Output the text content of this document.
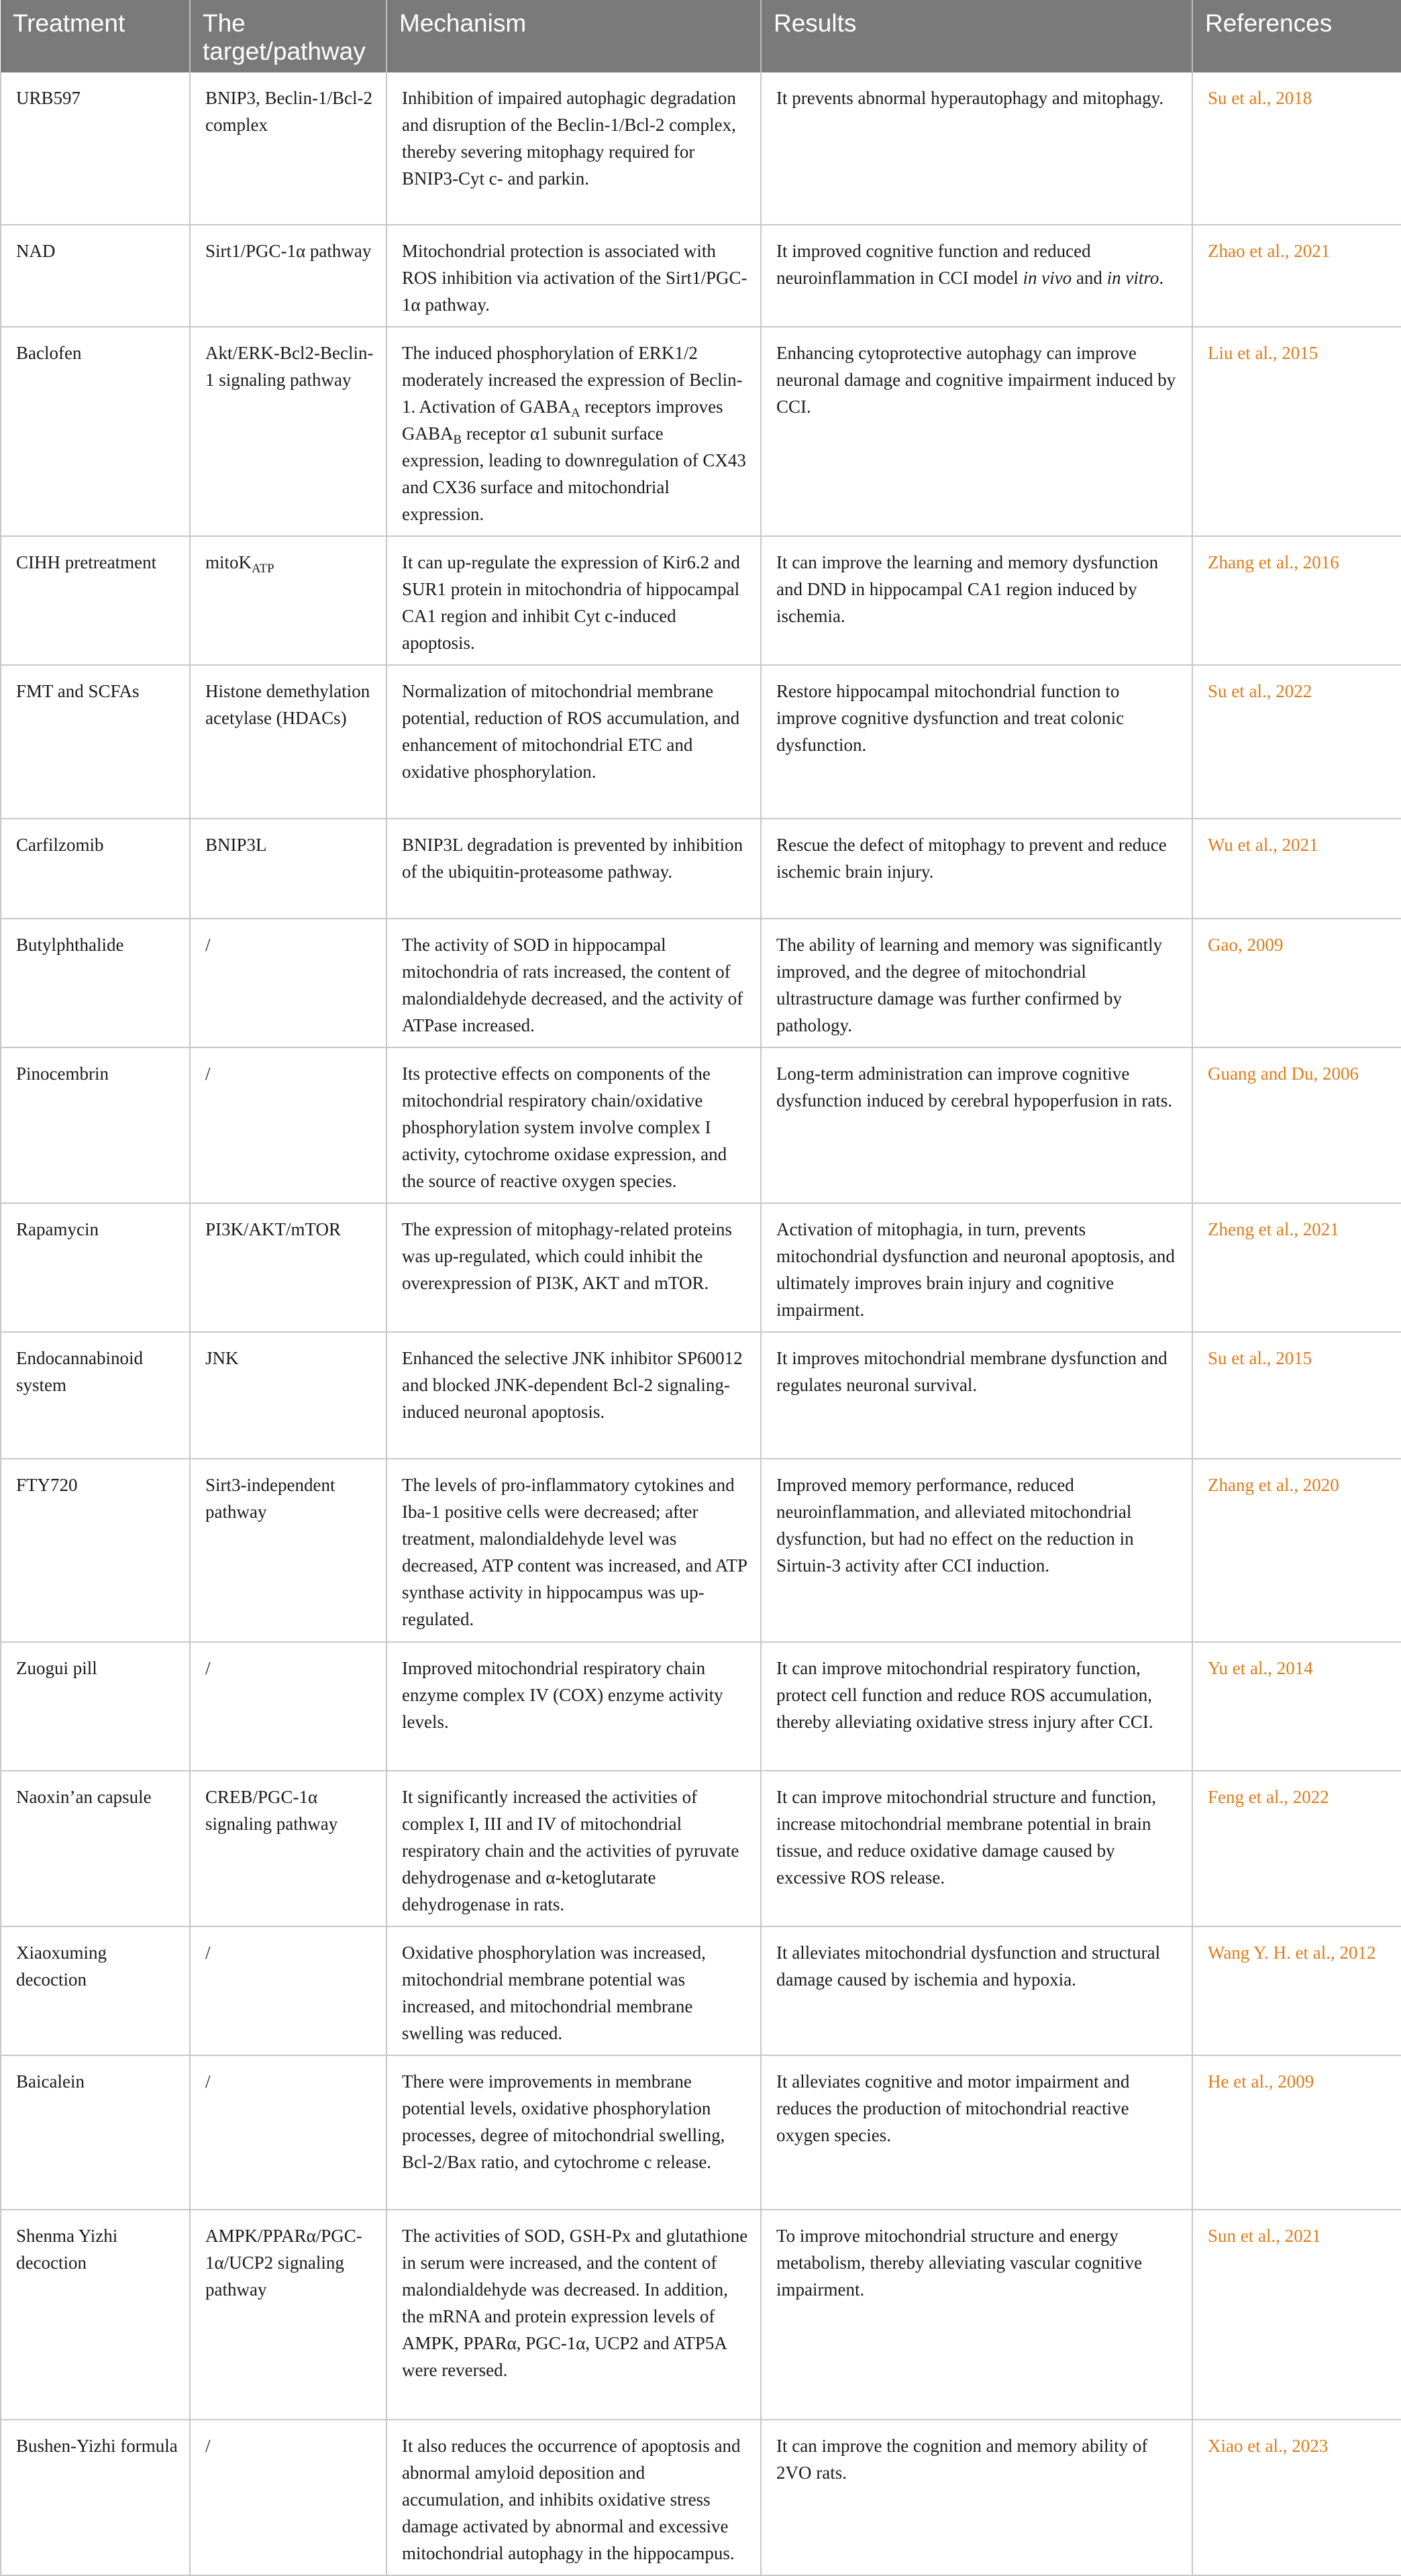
Treatment	The target/pathway	Mechanism	Results	References
URB597	BNIP3, Beclin-1/Bcl-2 complex	Inhibition of impaired autophagic degradation and disruption of the Beclin-1/Bcl-2 complex, thereby severing mitophagy required for BNIP3-Cyt c- and parkin.	It prevents abnormal hyperautophagy and mitophagy.	Su et al., 2018
NAD	Sirt1/PGC-1α pathway	Mitochondrial protection is associated with ROS inhibition via activation of the Sirt1/PGC-1α pathway.	It improved cognitive function and reduced neuroinflammation in CCI model in vivo and in vitro.	Zhao et al., 2021
Baclofen	Akt/ERK-Bcl2-Beclin-1 signaling pathway	The induced phosphorylation of ERK1/2 moderately increased the expression of Beclin-1. Activation of $GABA_A$ receptors improves $GABA_B$ receptor α1 subunit surface expression, leading to downregulation of CX43 and CX36 surface and mitochondrial expression.	Enhancing cytoprotective autophagy can improve neuronal damage and cognitive impairment induced by CCI.	Liu et al., 2015
CIHH pretreatment	mitoK$_{ATP}$	It can up-regulate the expression of Kir6.2 and SUR1 protein in mitochondria of hippocampal CA1 region and inhibit Cyt c-induced apoptosis.	It can improve the learning and memory dysfunction and DND in hippocampal CA1 region induced by ischemia.	Zhang et al., 2016
FMT and SCFAs	Histone demethylation acetylase (HDACs)	Normalization of mitochondrial membrane potential, reduction of ROS accumulation, and enhancement of mitochondrial ETC and oxidative phosphorylation.	Restore hippocampal mitochondrial function to improve cognitive dysfunction and treat colonic dysfunction.	Su et al., 2022
Carfilzomib	BNIP3L	BNIP3L degradation is prevented by inhibition of the ubiquitin-proteasome pathway.	Rescue the defect of mitophagy to prevent and reduce ischemic brain injury.	Wu et al., 2021
Butylphthalide	/	The activity of SOD in hippocampal mitochondria of rats increased, the content of malondialdehyde decreased, and the activity of ATPase increased.	The ability of learning and memory was significantly improved, and the degree of mitochondrial ultrastructure damage was further confirmed by pathology.	Gao, 2009
Pinocembrin	/	Its protective effects on components of the mitochondrial respiratory chain/oxidative phosphorylation system involve complex I activity, cytochrome oxidase expression, and the source of reactive oxygen species.	Long-term administration can improve cognitive dysfunction induced by cerebral hypoperfusion in rats.	Guang and Du, 2006
Rapamycin	PI3K/AKT/mTOR	The expression of mitophagy-related proteins was up-regulated, which could inhibit the overexpression of PI3K, AKT and mTOR.	Activation of mitophagia, in turn, prevents mitochondrial dysfunction and neuronal apoptosis, and ultimately improves brain injury and cognitive impairment.	Zheng et al., 2021
Endocannabinoid system	JNK	Enhanced the selective JNK inhibitor SP60012 and blocked JNK-dependent Bcl-2 signaling-induced neuronal apoptosis.	It improves mitochondrial membrane dysfunction and regulates neuronal survival.	Su et al., 2015
FTY720	Sirt3-independent pathway	The levels of pro-inflammatory cytokines and Iba-1 positive cells were decreased; after treatment, malondialdehyde level was decreased, ATP content was increased, and ATP synthase activity in hippocampus was up-regulated.	Improved memory performance, reduced neuroinflammation, and alleviated mitochondrial dysfunction, but had no effect on the reduction in Sirtuin-3 activity after CCI induction.	Zhang et al., 2020
Zuogui pill	/	Improved mitochondrial respiratory chain enzyme complex IV (COX) enzyme activity levels.	It can improve mitochondrial respiratory function, protect cell function and reduce ROS accumulation, thereby alleviating oxidative stress injury after CCI.	Yu et al., 2014
Naoxin’an capsule	CREB/PGC-1α signaling pathway	It significantly increased the activities of complex I, III and IV of mitochondrial respiratory chain and the activities of pyruvate dehydrogenase and α-ketoglutarate dehydrogenase in rats.	It can improve mitochondrial structure and function, increase mitochondrial membrane potential in brain tissue, and reduce oxidative damage caused by excessive ROS release.	Feng et al., 2022
Xiaoxuming decoction	/	Oxidative phosphorylation was increased, mitochondrial membrane potential was increased, and mitochondrial membrane swelling was reduced.	It alleviates mitochondrial dysfunction and structural damage caused by ischemia and hypoxia.	Wang Y. H. et al., 2012
Baicalein	/	There were improvements in membrane potential levels, oxidative phosphorylation processes, degree of mitochondrial swelling, Bcl-2/Bax ratio, and cytochrome c release.	It alleviates cognitive and motor impairment and reduces the production of mitochondrial reactive oxygen species.	He et al., 2009
Shenma Yizhi decoction	AMPK/PPARα/PGC-1α/UCP2 signaling pathway	The activities of SOD, GSH-Px and glutathione in serum were increased, and the content of malondialdehyde was decreased. In addition, the mRNA and protein expression levels of AMPK, PPARα, PGC-1α, UCP2 and ATP5A were reversed.	To improve mitochondrial structure and energy metabolism, thereby alleviating vascular cognitive impairment.	Sun et al., 2021
Bushen-Yizhi formula	/	It also reduces the occurrence of apoptosis and abnormal amyloid deposition and accumulation, and inhibits oxidative stress damage activated by abnormal and excessive mitochondrial autophagy in the hippocampus.	It can improve the cognition and memory ability of 2VO rats.	Xiao et al., 2023
